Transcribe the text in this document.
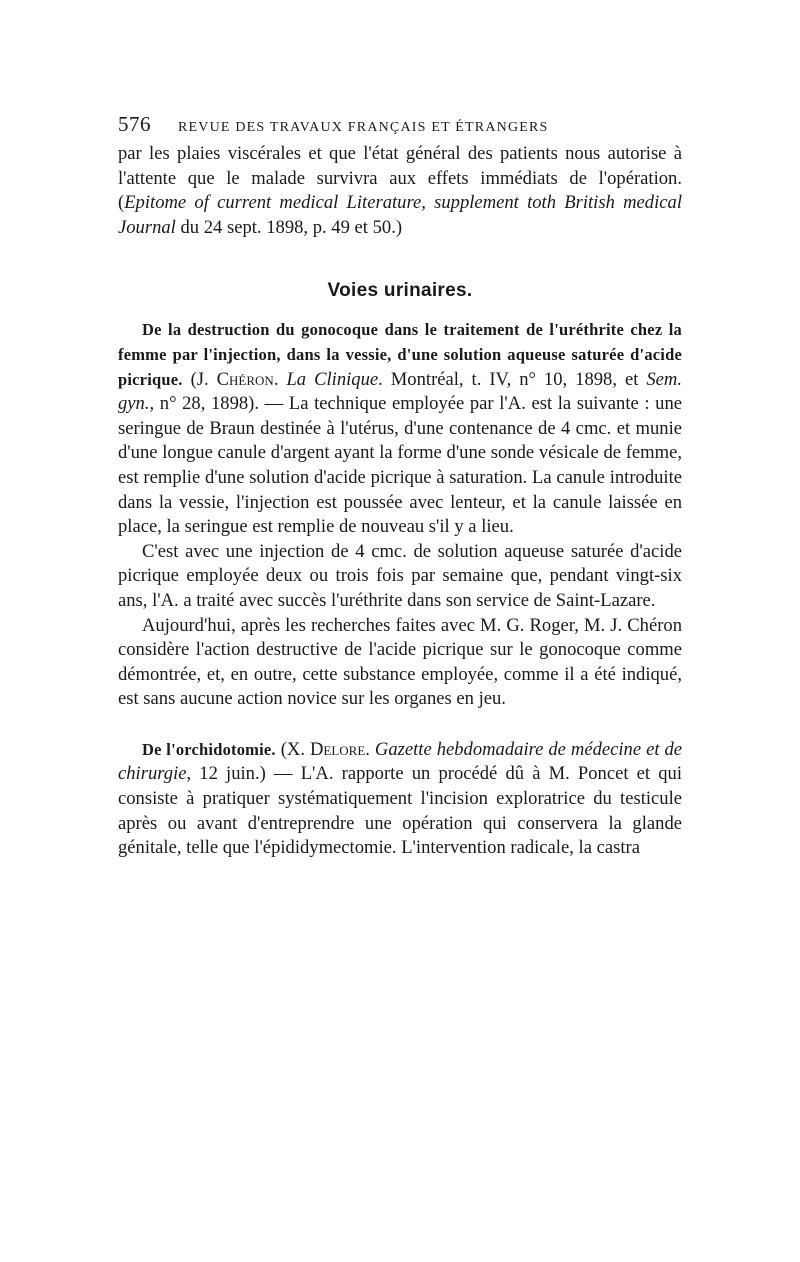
576	REVUE DES TRAVAUX FRANÇAIS ET ÉTRANGERS

par les plaies viscérales et que l'état général des patients nous autorise à l'attente que le malade survivra aux effets immédiats de l'opération. (Epitome of current medical Literature, supplement toth British medical Journal du 24 sept. 1898, p. 49 et 50.)

Voies urinaires.

De la destruction du gonocoque dans le traitement de l'uréthrite chez la femme par l'injection, dans la vessie, d'une solution aqueuse saturée d'acide picrique. (J. Chéron. La Clinique. Montréal, t. IV, n° 10, 1898, et Sem. gyn., n° 28, 1898). — La technique employée par l'A. est la suivante : une seringue de Braun destinée à l'utérus, d'une contenance de 4 cmc. et munie d'une longue canule d'argent ayant la forme d'une sonde vésicale de femme, est remplie d'une solution d'acide picrique à saturation. La canule introduite dans la vessie, l'injection est poussée avec lenteur, et la canule laissée en place, la seringue est remplie de nouveau s'il y a lieu.

C'est avec une injection de 4 cmc. de solution aqueuse saturée d'acide picrique employée deux ou trois fois par semaine que, pendant vingt-six ans, l'A. a traité avec succès l'uréthrite dans son service de Saint-Lazare.

Aujourd'hui, après les recherches faites avec M. G. Roger, M. J. Chéron considère l'action destructive de l'acide picrique sur le gonocoque comme démontrée, et, en outre, cette substance employée, comme il a été indiqué, est sans aucune action novice sur les organes en jeu.

De l'orchidotomie. (X. Delore. Gazette hebdomadaire de médecine et de chirurgie, 12 juin.) — L'A. rapporte un procédé dû à M. Poncet et qui consiste à pratiquer systématiquement l'incision exploratrice du testicule après ou avant d'entreprendre une opération qui conservera la glande génitale, telle que l'épididymectomie. L'intervention radicale, la castra
